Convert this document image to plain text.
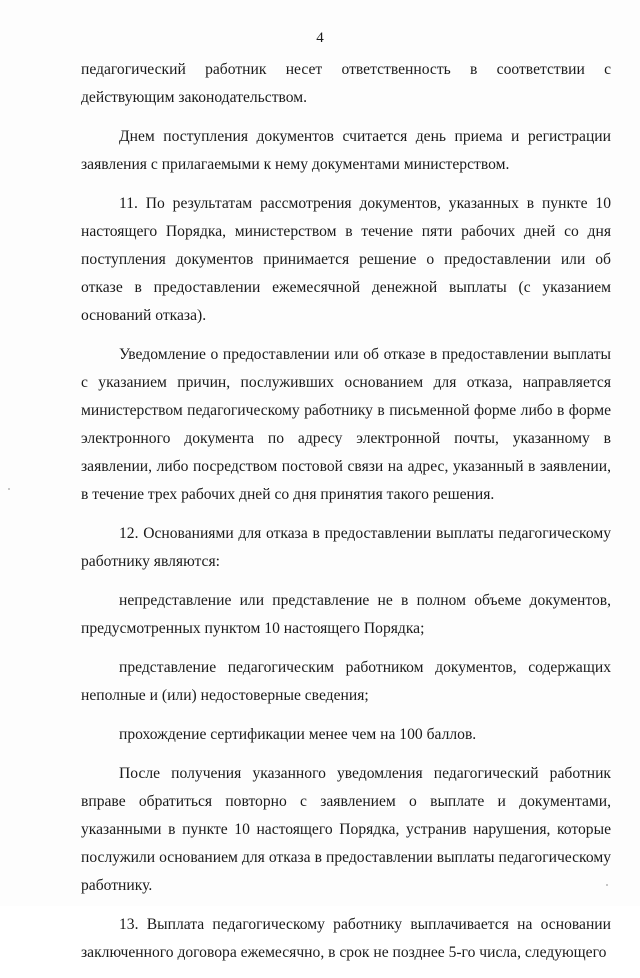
4

педагогический работник несет ответственность в соответствии с действующим законодательством.

Днем поступления документов считается день приема и регистрации заявления с прилагаемыми к нему документами министерством.

11. По результатам рассмотрения документов, указанных в пункте 10 настоящего Порядка, министерством в течение пяти рабочих дней со дня поступления документов принимается решение о предоставлении или об отказе в предоставлении ежемесячной денежной выплаты (с указанием оснований отказа).

Уведомление о предоставлении или об отказе в предоставлении выплаты с указанием причин, послуживших основанием для отказа, направляется министерством педагогическому работнику в письменной форме либо в форме электронного документа по адресу электронной почты, указанному в заявлении, либо посредством постовой связи на адрес, указанный в заявлении, в течение трех рабочих дней со дня принятия такого решения.

12. Основаниями для отказа в предоставлении выплаты педагогическому работнику являются:

непредставление или представление не в полном объеме документов, предусмотренных пунктом 10 настоящего Порядка;

представление педагогическим работником документов, содержащих неполные и (или) недостоверные сведения;

прохождение сертификации менее чем на 100 баллов.

После получения указанного уведомления педагогический работник вправе обратиться повторно с заявлением о выплате и документами, указанными в пункте 10 настоящего Порядка, устранив нарушения, которые послужили основанием для отказа в предоставлении выплаты педагогическому работнику.

13. Выплата педагогическому работнику выплачивается на основании заключенного договора ежемесячно, в срок не позднее 5-го числа, следующего
